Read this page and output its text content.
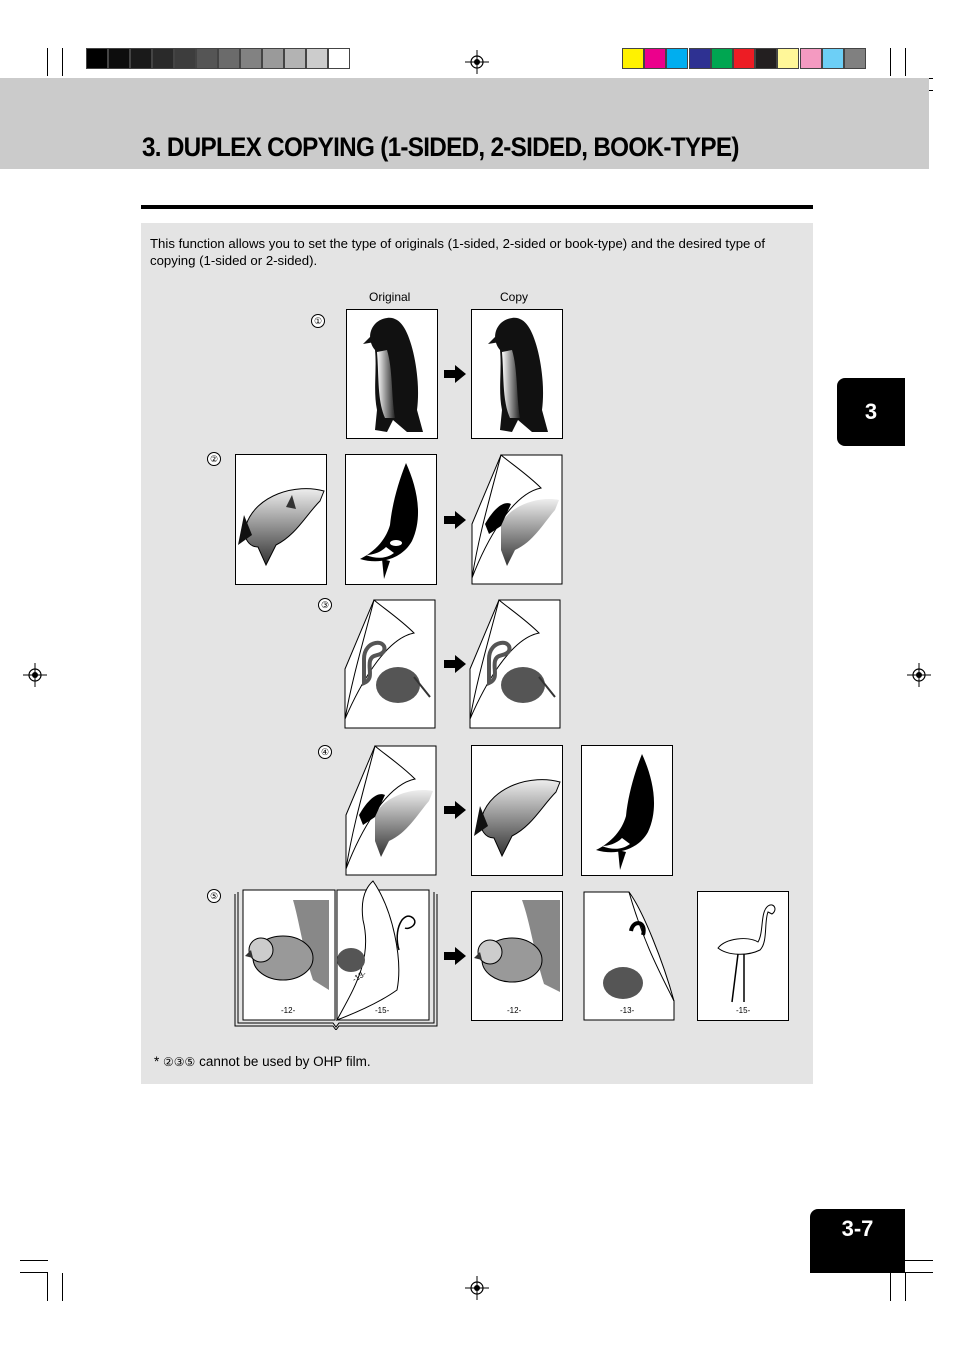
3. DUPLEX COPYING (1-SIDED, 2-SIDED, BOOK-TYPE)
3
This function allows you to set the type of originals (1-sided, 2-sided or book-type) and the desired type of copying (1-sided or 2-sided).
Original	Copy
①
②
③
④
⑤
-12-
-13-
-15-	-12-	-13-	-15-
* ②③⑤ cannot be used by OHP film.
3-7
